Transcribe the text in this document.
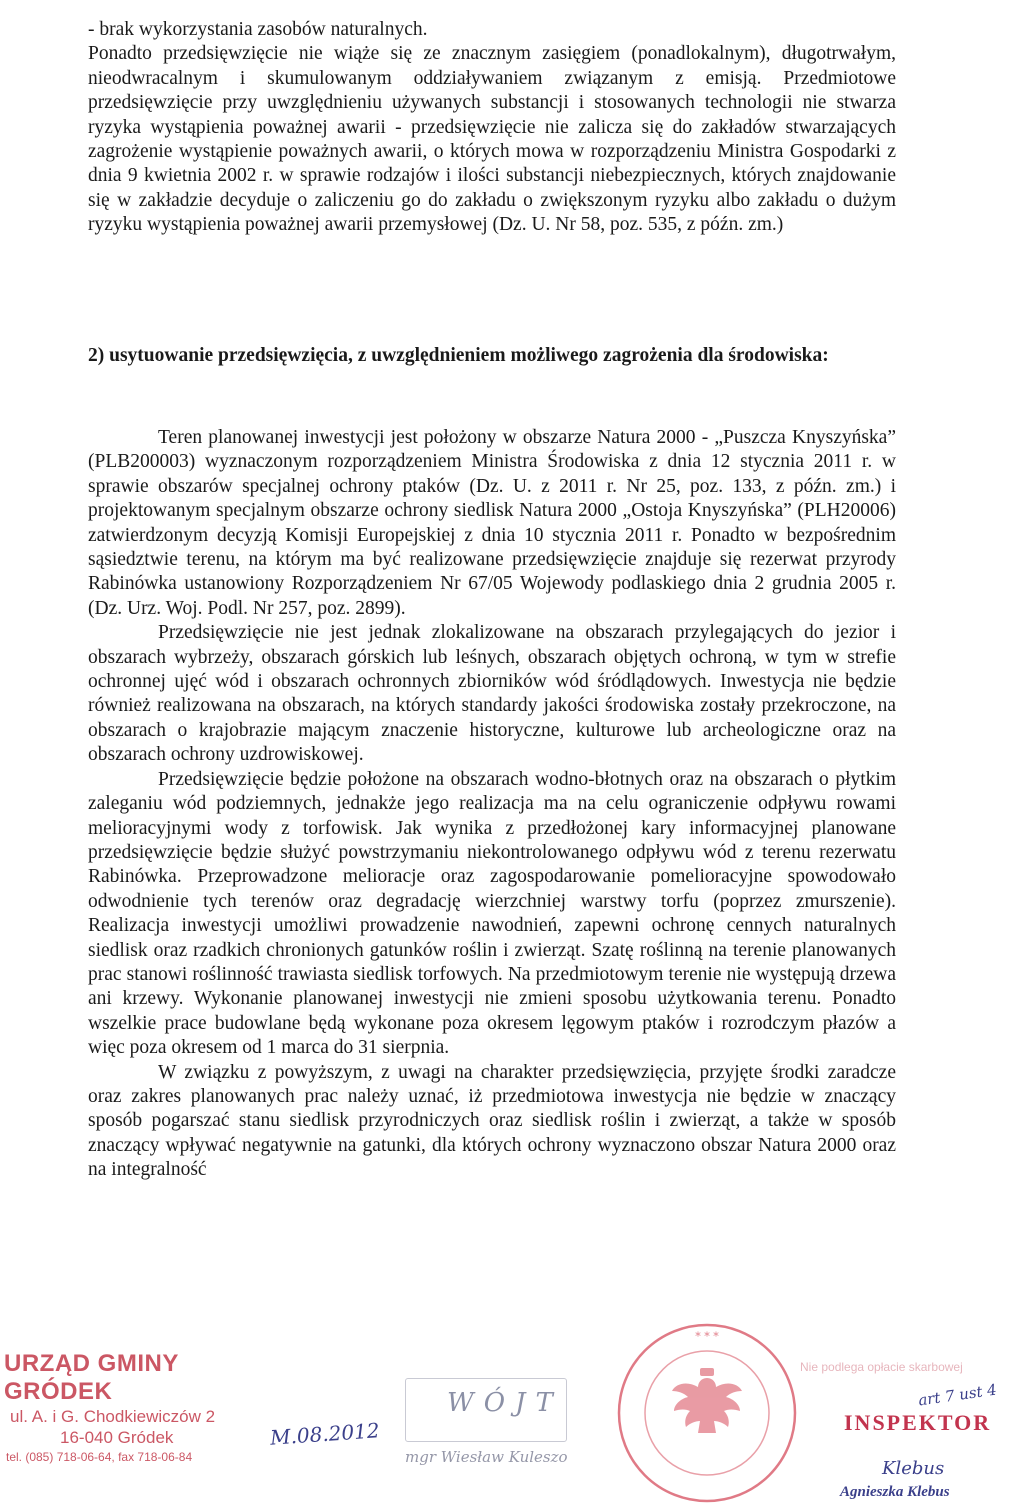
- brak wykorzystania zasobów naturalnych.

Ponadto przedsięwzięcie nie wiąże się ze znacznym zasięgiem (ponadlokalnym), długotrwałym, nieodwracalnym i skumulowanym oddziaływaniem związanym z emisją. Przedmiotowe przedsięwzięcie przy uwzględnieniu używanych substancji i stosowanych technologii nie stwarza ryzyka wystąpienia poważnej awarii - przedsięwzięcie nie zalicza się do zakładów stwarzających zagrożenie wystąpienie poważnych awarii, o których mowa w rozporządzeniu Ministra Gospodarki z dnia 9 kwietnia 2002 r. w sprawie rodzajów i ilości substancji niebezpiecznych, których znajdowanie się w zakładzie decyduje o zaliczeniu go do zakładu o zwiększonym ryzyku albo zakładu o dużym ryzyku wystąpienia poważnej awarii przemysłowej (Dz. U. Nr 58, poz. 535, z późn. zm.)

2) usytuowanie przedsięwzięcia, z uwzględnieniem możliwego zagrożenia dla środowiska:

Teren planowanej inwestycji jest położony w obszarze Natura 2000 - „Puszcza Knyszyńska” (PLB200003) wyznaczonym rozporządzeniem Ministra Środowiska z dnia 12 stycznia 2011 r. w sprawie obszarów specjalnej ochrony ptaków (Dz. U. z 2011 r. Nr 25, poz. 133, z późn. zm.) i projektowanym specjalnym obszarze ochrony siedlisk Natura 2000 „Ostoja Knyszyńska” (PLH20006) zatwierdzonym decyzją Komisji Europejskiej z dnia 10 stycznia 2011 r. Ponadto w bezpośrednim sąsiedztwie terenu, na którym ma być realizowane przedsięwzięcie znajduje się rezerwat przyrody Rabinówka ustanowiony Rozporządzeniem Nr 67/05 Wojewody podlaskiego dnia 2 grudnia 2005 r. (Dz. Urz. Woj. Podl. Nr 257, poz. 2899).

Przedsięwzięcie nie jest jednak zlokalizowane na obszarach przylegających do jezior i obszarach wybrzeży, obszarach górskich lub leśnych, obszarach objętych ochroną, w tym w strefie ochronnej ujęć wód i obszarach ochronnych zbiorników wód śródlądowych. Inwestycja nie będzie również realizowana na obszarach, na których standardy jakości środowiska zostały przekroczone, na obszarach o krajobrazie mającym znaczenie historyczne, kulturowe lub archeologiczne oraz na obszarach ochrony uzdrowiskowej.

Przedsięwzięcie będzie położone na obszarach wodno-błotnych oraz na obszarach o płytkim zaleganiu wód podziemnych, jednakże jego realizacja ma na celu ograniczenie odpływu rowami melioracyjnymi wody z torfowisk. Jak wynika z przedłożonej kary informacyjnej planowane przedsięwzięcie będzie służyć powstrzymaniu niekontrolowanego odpływu wód z terenu rezerwatu Rabinówka. Przeprowadzone melioracje oraz zagospodarowanie pomelioracyjne spowodowało odwodnienie tych terenów oraz degradację wierzchniej warstwy torfu (poprzez zmurszenie). Realizacja inwestycji umożliwi prowadzenie nawodnień, zapewni ochronę cennych naturalnych siedlisk oraz rzadkich chronionych gatunków roślin i zwierząt. Szatę roślinną na terenie planowanych prac stanowi roślinność trawiasta siedlisk torfowych. Na przedmiotowym terenie nie występują drzewa ani krzewy. Wykonanie planowanej inwestycji nie zmieni sposobu użytkowania terenu. Ponadto wszelkie prace budowlane będą wykonane poza okresem lęgowym ptaków i rozrodczym płazów a więc poza okresem od 1 marca do 31 sierpnia.

W związku z powyższym, z uwagi na charakter przedsięwzięcia, przyjęte środki zaradcze oraz zakres planowanych prac należy uznać, iż przedmiotowa inwestycja nie będzie w znaczący sposób pogarszać stanu siedlisk przyrodniczych oraz siedlisk roślin i zwierząt, a także w sposób znaczący wpływać negatywnie na gatunki, dla których ochrony wyznaczono obszar Natura 2000 oraz na integralność

URZĄD GMINY GRÓDEK
ul. A. i G. Chodkiewiczów 2
16-040 Gródek
tel. (085) 718-06-64, fax 718-06-84
M.08.2012
WÓJT
mgr Wiesław Kuleszo
* * *
Nie podlega opłacie skarbowej
art 7 ust 4
INSPEKTOR
Klebus
Agnieszka Klebus
